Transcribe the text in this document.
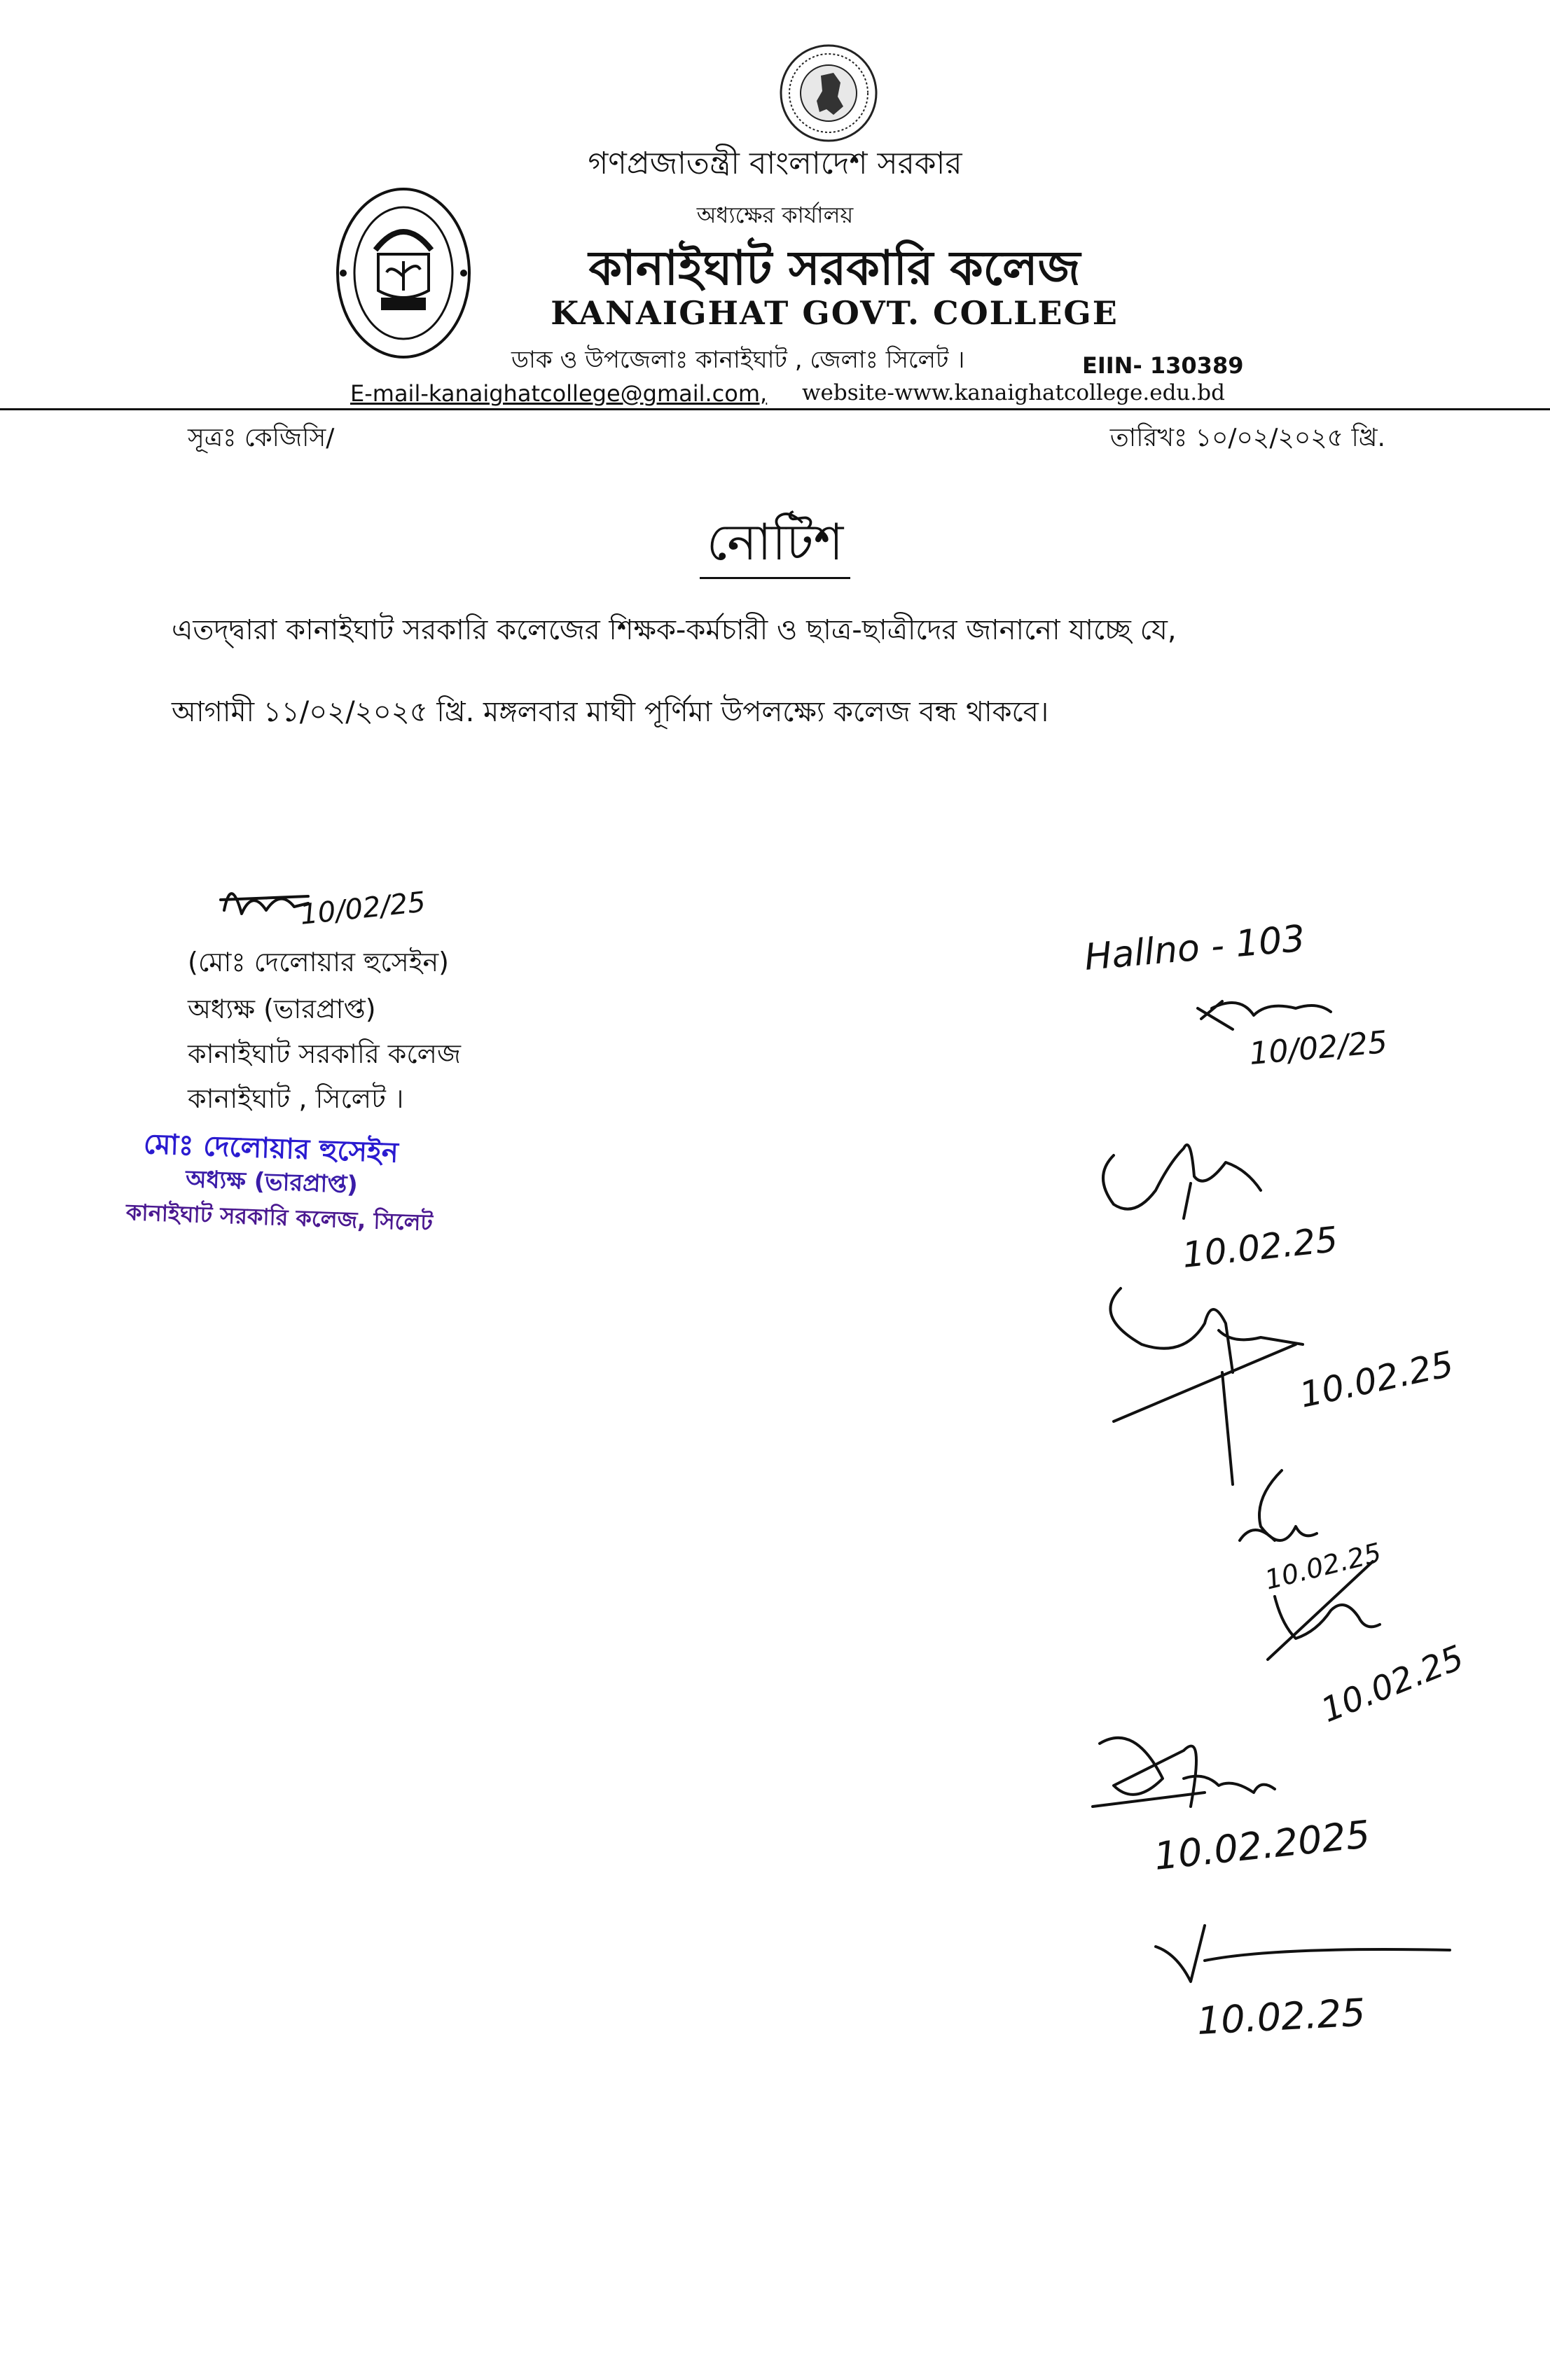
গণপ্রজাতন্ত্রী বাংলাদেশ সরকার
অধ্যক্ষের কার্যালয়
কানাইঘাট সরকারি কলেজ
KANAIGHAT GOVT. COLLEGE
ডাক ও উপজেলাঃ কানাইঘাট , জেলাঃ সিলেট ।	EIIN- 130389
E-mail-kanaighatcollege@gmail.com, website-www.kanaighatcollege.edu.bd
সূত্রঃ কেজিসি/	তারিখঃ ১০/০২/২০২৫ খ্রি.
নোটিশ
এতদ্দ্বারা কানাইঘাট সরকারি কলেজের শিক্ষক-কর্মচারী ও ছাত্র-ছাত্রীদের জানানো যাচ্ছে যে,
আগামী ১১/০২/২০২৫ খ্রি. মঙ্গলবার মাঘী পূর্ণিমা উপলক্ষ্যে কলেজ বন্ধ থাকবে।
(মোঃ দেলোয়ার হুসেইন)
অধ্যক্ষ (ভারপ্রাপ্ত)
কানাইঘাট সরকারি কলেজ
কানাইঘাট , সিলেট ।
মোঃ দেলোয়ার হুসেইন
অধ্যক্ষ (ভারপ্রাপ্ত)
কানাইঘাট সরকারি কলেজ, সিলেট
10/02/25
Hallno - 103
10/02/25
10.02.25
10.02.25
10.02.25
10.02.25
10.02.2025
10.02.25
